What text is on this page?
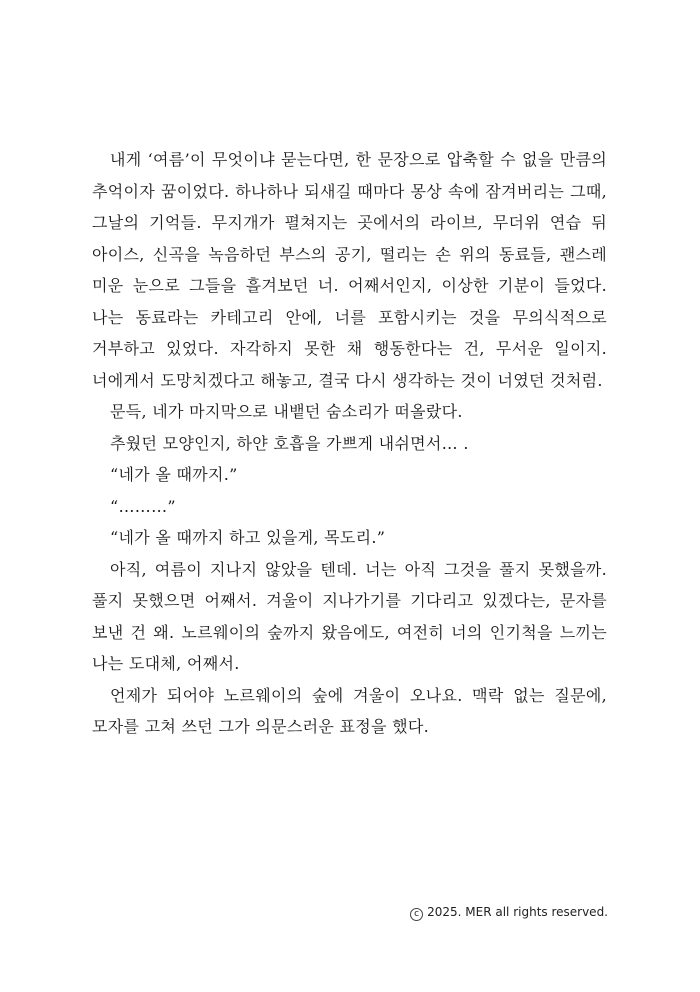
내게 ‘여름’이 무엇이냐 묻는다면, 한 문장으로 압축할 수 없을 만큼의 추억이자 꿈이었다. 하나하나 되새길 때마다 몽상 속에 잠겨버리는 그때, 그날의 기억들. 무지개가 펼쳐지는 곳에서의 라이브, 무더위 연습 뒤 아이스, 신곡을 녹음하던 부스의 공기, 떨리는 손 위의 동료들, 괜스레 미운 눈으로 그들을 흘겨보던 너. 어째서인지, 이상한 기분이 들었다. 나는 동료라는 카테고리 안에, 너를 포함시키는 것을 무의식적으로 거부하고 있었다. 자각하지 못한 채 행동한다는 건, 무서운 일이지. 너에게서 도망치겠다고 해놓고, 결국 다시 생각하는 것이 너였던 것처럼.

문득, 네가 마지막으로 내뱉던 숨소리가 떠올랐다.

추웠던 모양인지, 하얀 호흡을 가쁘게 내쉬면서… .

“네가 올 때까지.”

“………”

“네가 올 때까지 하고 있을게, 목도리.”

아직, 여름이 지나지 않았을 텐데. 너는 아직 그것을 풀지 못했을까. 풀지 못했으면 어째서. 겨울이 지나가기를 기다리고 있겠다는, 문자를 보낸 건 왜. 노르웨이의 숲까지 왔음에도, 여전히 너의 인기척을 느끼는 나는 도대체, 어째서.

언제가 되어야 노르웨이의 숲에 겨울이 오나요. 맥락 없는 질문에, 모자를 고쳐 쓰던 그가 의문스러운 표정을 했다.

c 2025. MER all rights reserved.
